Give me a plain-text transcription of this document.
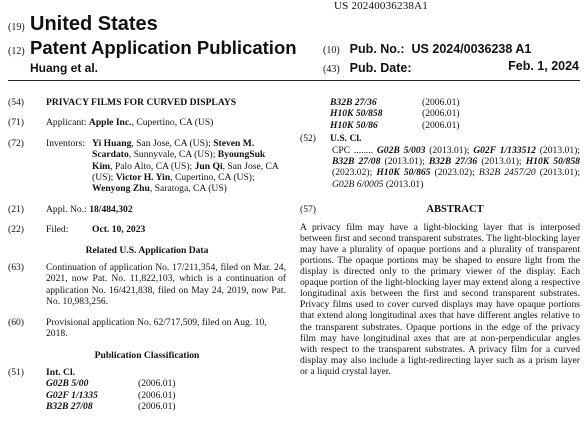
US 20240036238A1
(19) United States
(12) Patent Application Publication
Huang et al.
(10) Pub. No.: US 2024/0036238 A1
(43) Pub. Date:	Feb. 1, 2024
(54) PRIVACY FILMS FOR CURVED DISPLAYS
(71) Applicant: Apple Inc., Cupertino, CA (US)
(72) Inventors: Yi Huang, San Jose, CA (US); Steven M. Scardato, Sunnyvale, CA (US); ByoungSuk Kim, Palo Alto, CA (US); Jun Qi, San Jose, CA (US); Victor H. Yin, Cupertino, CA (US); Wenyong Zhu, Saratoga, CA (US)
(21) Appl. No.: 18/484,302
(22) Filed:	Oct. 10, 2023
Related U.S. Application Data
(63) Continuation of application No. 17/211,354, filed on Mar. 24, 2021, now Pat. No. 11,822,103, which is a continuation of application No. 16/421,838, filed on May 24, 2019, now Pat. No. 10,983,256.
(60) Provisional application No. 62/717,509, filed on Aug. 10, 2018.
Publication Classification
(51) Int. Cl.
G02B 5/00	(2006.01)
G02F 1/1335	(2006.01)
B32B 27/08	(2006.01)
B32B 27/36	(2006.01)
H10K 50/858	(2006.01)
H10K 50/86	(2006.01)
(52) U.S. Cl.
CPC ........ G02B 5/003 (2013.01); G02F 1/133512 (2013.01); B32B 27/08 (2013.01); B32B 27/36 (2013.01); H10K 50/858 (2023.02); H10K 50/865 (2023.02); B32B 2457/20 (2013.01); G02B 6/0005 (2013.01)
(57)	ABSTRACT
A privacy film may have a light-blocking layer that is interposed between first and second transparent substrates. The light-blocking layer may have a plurality of opaque portions and a plurality of transparent portions. The opaque portions may be shaped to ensure light from the display is directed only to the primary viewer of the display. Each opaque portion of the light-blocking layer may extend along a respective longitudinal axis between the first and second transparent substrates. Privacy films used to cover curved displays may have opaque portions that extend along longitudinal axes that have different angles relative to the transparent substrates. Opaque portions in the edge of the privacy film may have longitudinal axes that are at non-perpendicular angles with respect to the transparent substrates. A privacy film for a curved display may also include a light-redirecting layer such as a prism layer or a liquid crystal layer.
